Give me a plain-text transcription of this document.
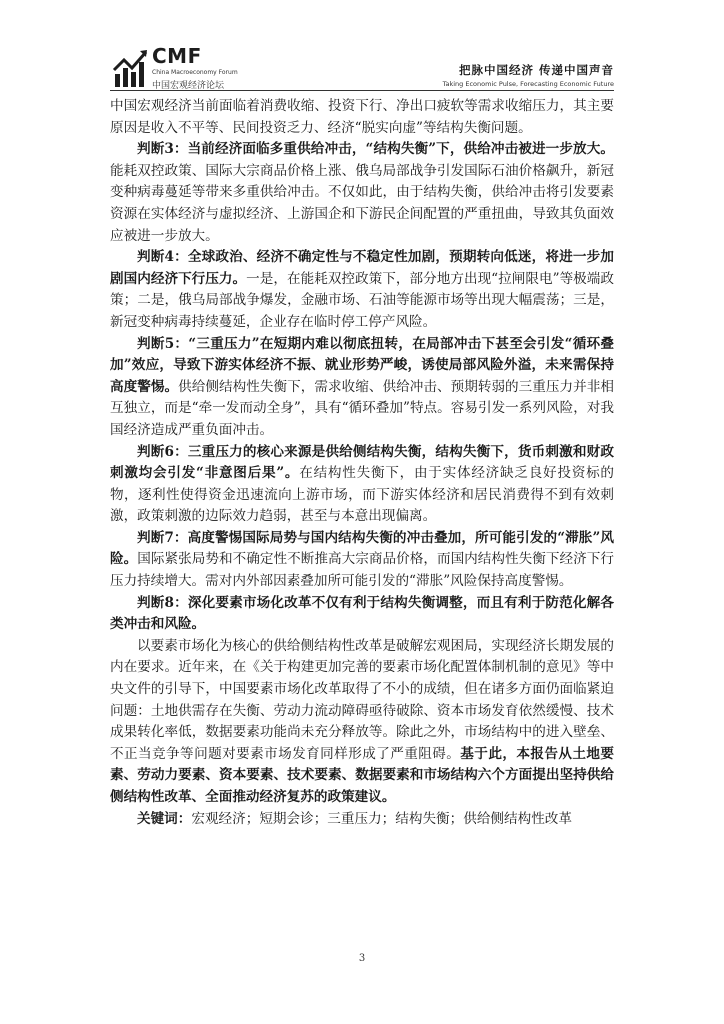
CMF
China Macroeconomy Forum
中国宏观经济论坛
把脉中国经济 传递中国声音
Taking Economic Pulse, Forecasting Economic Future

中国宏观经济当前面临着消费收缩、投资下行、净出口疲软等需求收缩压力，其主要原因是收入不平等、民间投资乏力、经济“脱实向虚”等结构失衡问题。

判断3：当前经济面临多重供给冲击，“结构失衡”下，供给冲击被进一步放大。能耗双控政策、国际大宗商品价格上涨、俄乌局部战争引发国际石油价格飙升，新冠变种病毒蔓延等带来多重供给冲击。不仅如此，由于结构失衡，供给冲击将引发要素资源在实体经济与虚拟经济、上游国企和下游民企间配置的严重扭曲，导致其负面效应被进一步放大。

判断4：全球政治、经济不确定性与不稳定性加剧，预期转向低迷，将进一步加剧国内经济下行压力。一是，在能耗双控政策下，部分地方出现“拉闸限电”等极端政策；二是，俄乌局部战争爆发，金融市场、石油等能源市场等出现大幅震荡；三是，新冠变种病毒持续蔓延，企业存在临时停工停产风险。

判断5：“三重压力”在短期内难以彻底扭转，在局部冲击下甚至会引发“循环叠加”效应，导致下游实体经济不振、就业形势严峻，诱使局部风险外溢，未来需保持高度警惕。供给侧结构性失衡下，需求收缩、供给冲击、预期转弱的三重压力并非相互独立，而是“牵一发而动全身”，具有“循环叠加”特点。容易引发一系列风险，对我国经济造成严重负面冲击。

判断6：三重压力的核心来源是供给侧结构失衡，结构失衡下，货币刺激和财政刺激均会引发“非意图后果”。在结构性失衡下，由于实体经济缺乏良好投资标的物，逐利性使得资金迅速流向上游市场，而下游实体经济和居民消费得不到有效刺激，政策刺激的边际效力趋弱，甚至与本意出现偏离。

判断7：高度警惕国际局势与国内结构失衡的冲击叠加，所可能引发的“滞胀”风险。国际紧张局势和不确定性不断推高大宗商品价格，而国内结构性失衡下经济下行压力持续增大。需对内外部因素叠加所可能引发的“滞胀”风险保持高度警惕。

判断8：深化要素市场化改革不仅有利于结构失衡调整，而且有利于防范化解各类冲击和风险。

以要素市场化为核心的供给侧结构性改革是破解宏观困局，实现经济长期发展的内在要求。近年来，在《关于构建更加完善的要素市场化配置体制机制的意见》等中央文件的引导下，中国要素市场化改革取得了不小的成绩，但在诸多方面仍面临紧迫问题：土地供需存在失衡、劳动力流动障碍亟待破除、资本市场发育依然缓慢、技术成果转化率低，数据要素功能尚未充分释放等。除此之外，市场结构中的进入壁垒、不正当竞争等问题对要素市场发育同样形成了严重阻碍。基于此，本报告从土地要素、劳动力要素、资本要素、技术要素、数据要素和市场结构六个方面提出坚持供给侧结构性改革、全面推动经济复苏的政策建议。

关键词：宏观经济；短期会诊；三重压力；结构失衡；供给侧结构性改革

3
